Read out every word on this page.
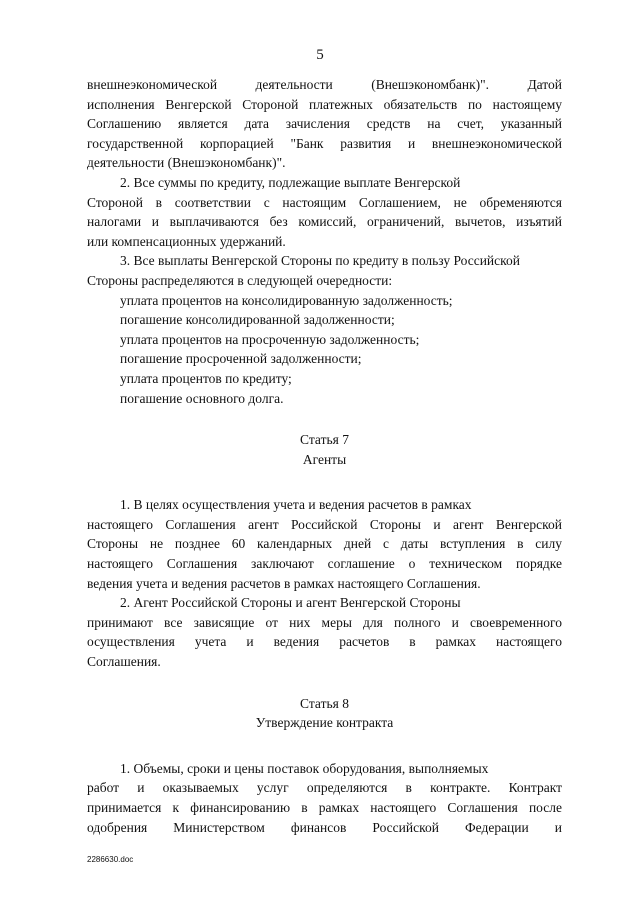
5
внешнеэкономической деятельности (Внешэкономбанк)". Датой
исполнения Венгерской Стороной платежных обязательств по настоящему
Соглашению является дата зачисления средств на счет, указанный
государственной корпорацией "Банк развития и внешнеэкономической
деятельности (Внешэкономбанк)".
2. Все суммы по кредиту, подлежащие выплате Венгерской
Стороной в соответствии с настоящим Соглашением, не обременяются
налогами и выплачиваются без комиссий, ограничений, вычетов, изъятий
или компенсационных удержаний.
3. Все выплаты Венгерской Стороны по кредиту в пользу Российской
Стороны распределяются в следующей очередности:
уплата процентов на консолидированную задолженность;
погашение консолидированной задолженности;
уплата процентов на просроченную задолженность;
погашение просроченной задолженности;
уплата процентов по кредиту;
погашение основного долга.
Статья 7
Агенты
1. В целях осуществления учета и ведения расчетов в рамках
настоящего Соглашения агент Российской Стороны и агент Венгерской
Стороны не позднее 60 календарных дней с даты вступления в силу
настоящего Соглашения заключают соглашение о техническом порядке
ведения учета и ведения расчетов в рамках настоящего Соглашения.
2. Агент Российской Стороны и агент Венгерской Стороны
принимают все зависящие от них меры для полного и своевременного
осуществления учета и ведения расчетов в рамках настоящего
Соглашения.
Статья 8
Утверждение контракта
1. Объемы, сроки и цены поставок оборудования, выполняемых
работ и оказываемых услуг определяются в контракте. Контракт
принимается к финансированию в рамках настоящего Соглашения после
одобрения Министерством финансов Российской Федерации и
2286630.doc
